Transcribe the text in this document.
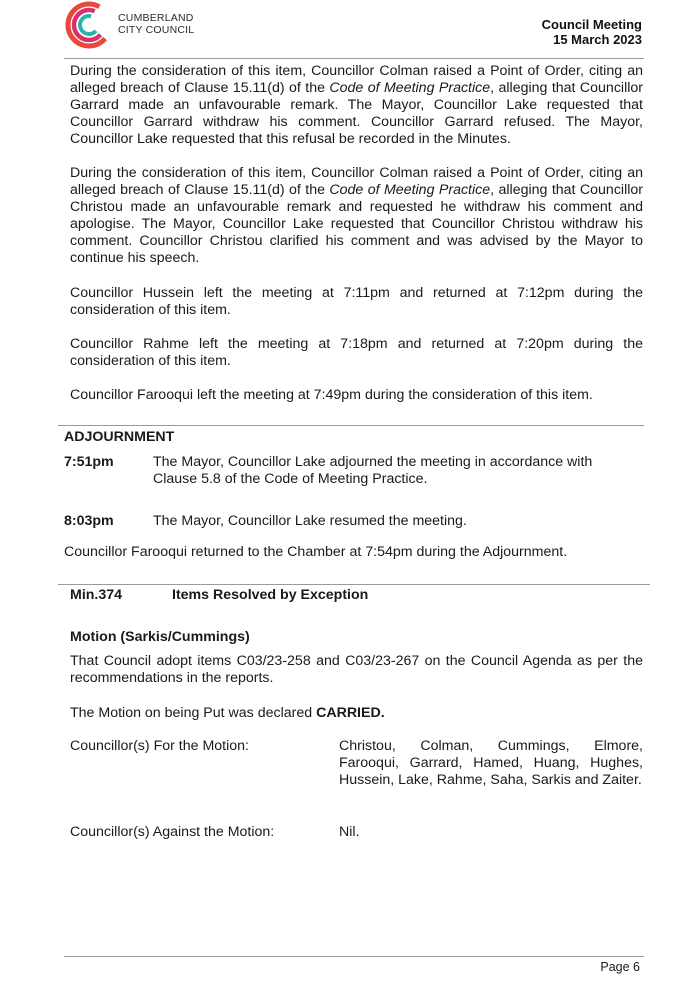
CUMBERLAND
CITY COUNCIL	Council Meeting
15 March 2023

During the consideration of this item, Councillor Colman raised a Point of Order, citing an alleged breach of Clause 15.11(d) of the Code of Meeting Practice, alleging that Councillor Garrard made an unfavourable remark. The Mayor, Councillor Lake requested that Councillor Garrard withdraw his comment. Councillor Garrard refused. The Mayor, Councillor Lake requested that this refusal be recorded in the Minutes.

During the consideration of this item, Councillor Colman raised a Point of Order, citing an alleged breach of Clause 15.11(d) of the Code of Meeting Practice, alleging that Councillor Christou made an unfavourable remark and requested he withdraw his comment and apologise. The Mayor, Councillor Lake requested that Councillor Christou withdraw his comment. Councillor Christou clarified his comment and was advised by the Mayor to continue his speech.

Councillor Hussein left the meeting at 7:11pm and returned at 7:12pm during the consideration of this item.

Councillor Rahme left the meeting at 7:18pm and returned at 7:20pm during the consideration of this item.

Councillor Farooqui left the meeting at 7:49pm during the consideration of this item.

ADJOURNMENT
7:51pm	The Mayor, Councillor Lake adjourned the meeting in accordance with Clause 5.8 of the Code of Meeting Practice.
8:03pm	The Mayor, Councillor Lake resumed the meeting.
Councillor Farooqui returned to the Chamber at 7:54pm during the Adjournment.
Min.374	Items Resolved by Exception
Motion (Sarkis/Cummings)

That Council adopt items C03/23-258 and C03/23-267 on the Council Agenda as per the recommendations in the reports.

The Motion on being Put was declared CARRIED.
Councillor(s) For the Motion:	Christou, Colman, Cummings, Elmore, Farooqui, Garrard, Hamed, Huang, Hughes, Hussein, Lake, Rahme, Saha, Sarkis and Zaiter.
Councillor(s) Against the Motion:	Nil.
Page 6
